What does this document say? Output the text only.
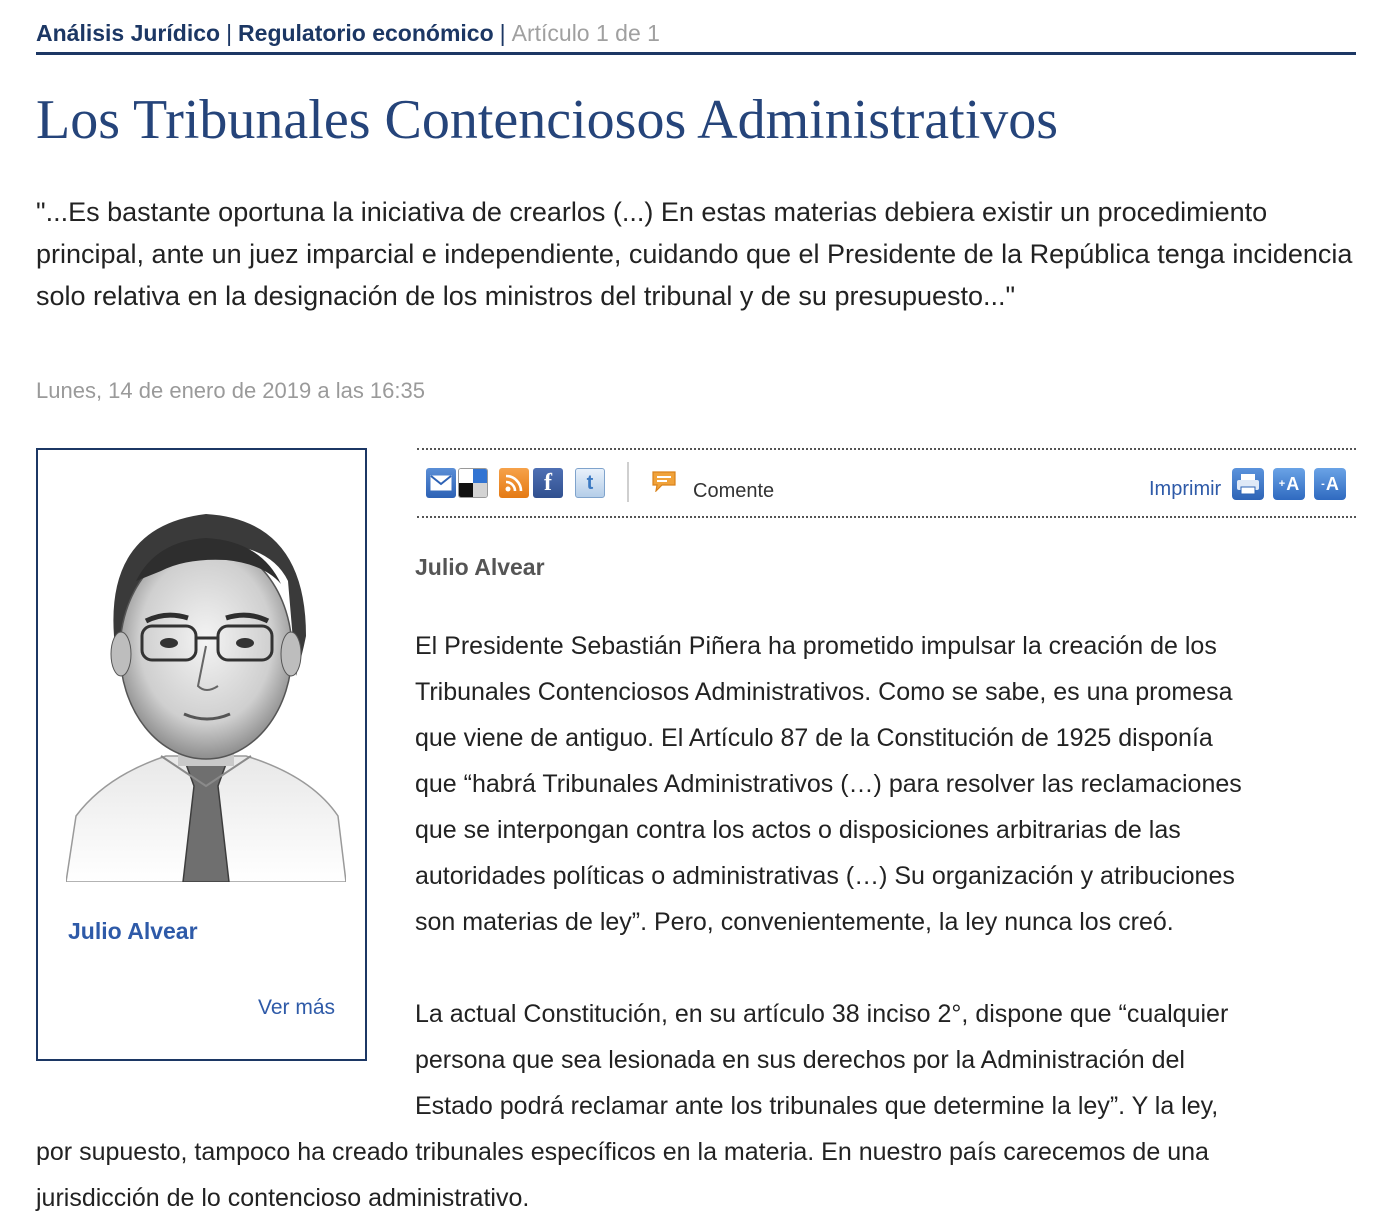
Análisis Jurídico | Regulatorio económico | Artículo 1 de 1
Los Tribunales Contenciosos Administrativos

"...Es bastante oportuna la iniciativa de crearlos (...) En estas materias debiera existir un procedimiento principal, ante un juez imparcial e independiente, cuidando que el Presidente de la República tenga incidencia solo relativa en la designación de los ministros del tribunal y de su presupuesto..."

Lunes, 14 de enero de 2019 a las 16:35
Julio Alvear
Ver más
f	t	Comente	Imprimir	+ A - A
Julio Alvear

El Presidente Sebastián Piñera ha prometido impulsar la creación de los
Tribunales Contenciosos Administrativos. Como se sabe, es una promesa
que viene de antiguo. El Artículo 87 de la Constitución de 1925 disponía
que “habrá Tribunales Administrativos (…) para resolver las reclamaciones
que se interpongan contra los actos o disposiciones arbitrarias de las
autoridades políticas o administrativas (…) Su organización y atribuciones
son materias de ley”. Pero, convenientemente, la ley nunca los creó.

La actual Constitución, en su artículo 38 inciso 2°, dispone que “cualquier
persona que sea lesionada en sus derechos por la Administración del
Estado podrá reclamar ante los tribunales que determine la ley”. Y la ley,

por supuesto, tampoco ha creado tribunales específicos en la materia. En nuestro país carecemos de una
jurisdicción de lo contencioso administrativo.
